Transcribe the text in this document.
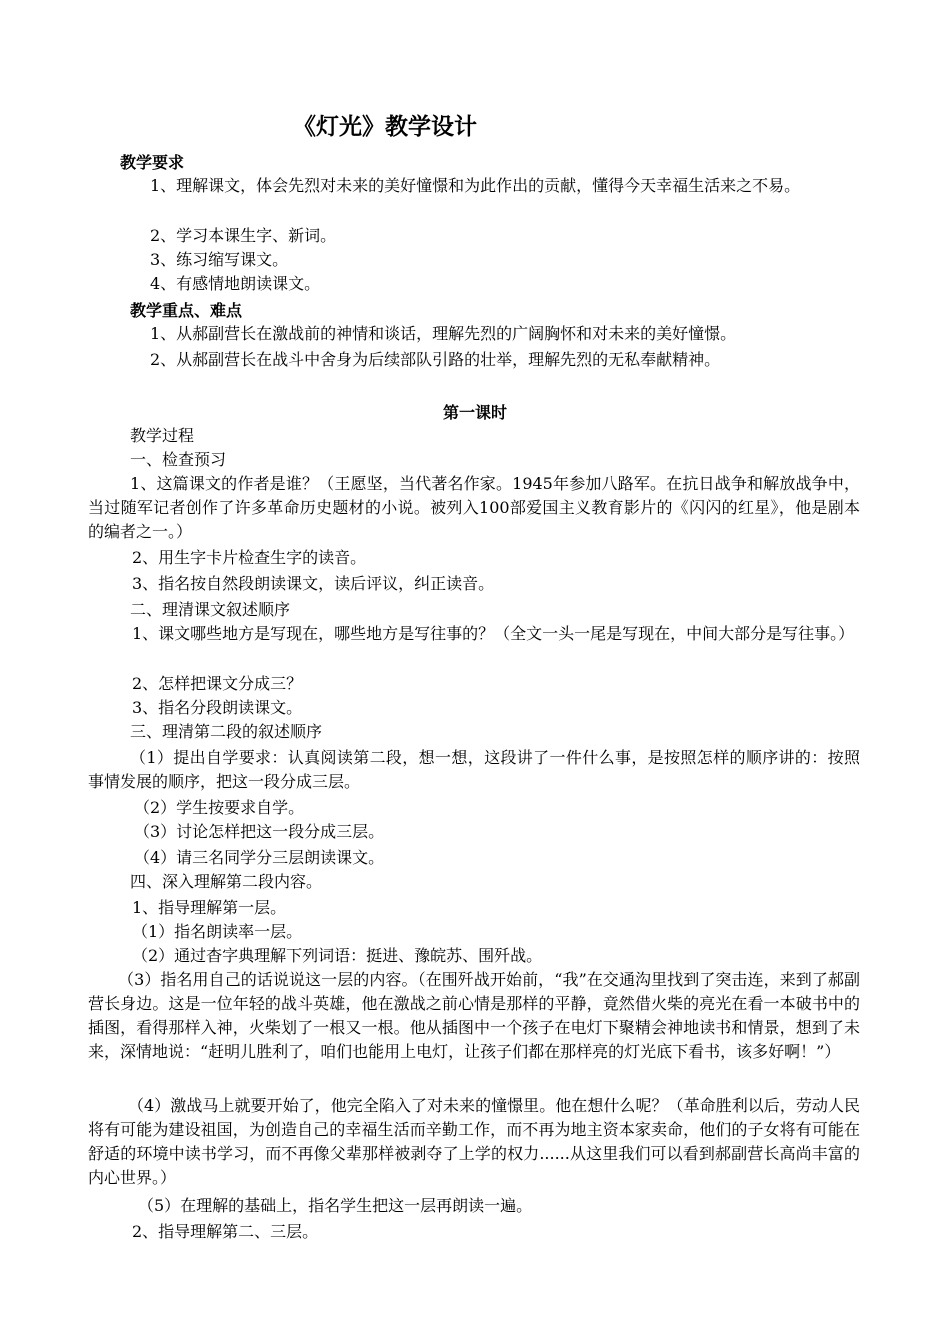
《灯光》教学设计
教学要求
1、理解课文，体会先烈对未来的美好憧憬和为此作出的贡献，懂得今天幸福生活来之不易。
2、学习本课生字、新词。
3、练习缩写课文。
4、有感情地朗读课文。
教学重点、难点
1、从郝副营长在激战前的神情和谈话，理解先烈的广阔胸怀和对未来的美好憧憬。
2、从郝副营长在战斗中舍身为后续部队引路的壮举，理解先烈的无私奉献精神。
第一课时
教学过程
一、检查预习
1、这篇课文的作者是谁？（王愿坚，当代著名作家。1945年参加八路军。在抗日战争和解放战争中，当过随军记者创作了许多革命历史题材的小说。被列入100部爱国主义教育影片的《闪闪的红星》，他是剧本的编者之一。）
2、用生字卡片检查生字的读音。
3、指名按自然段朗读课文，读后评议，纠正读音。
二、理清课文叙述顺序
1、课文哪些地方是写现在，哪些地方是写往事的？（全文一头一尾是写现在，中间大部分是写往事。）
2、怎样把课文分成三？
3、指名分段朗读课文。
三、理清第二段的叙述顺序
（1）提出自学要求：认真阅读第二段，想一想，这段讲了一件什么事，是按照怎样的顺序讲的：按照事情发展的顺序，把这一段分成三层。
（2）学生按要求自学。
（3）讨论怎样把这一段分成三层。
（4）请三名同学分三层朗读课文。
四、深入理解第二段内容。
1、指导理解第一层。
（1）指名朗读率一层。
（2）通过杳字典理解下列词语：挺进、豫皖苏、围歼战。
（3）指名用自己的话说说这一层的内容。（在围歼战开始前，“我”在交通沟里找到了突击连，来到了郝副营长身边。这是一位年轻的战斗英雄，他在激战之前心情是那样的平静，竟然借火柴的亮光在看一本破书中的插图，看得那样入神，火柴划了一根又一根。他从插图中一个孩子在电灯下聚精会神地读书和情景，想到了未来，深情地说：“赶明儿胜利了，咱们也能用上电灯，让孩子们都在那样亮的灯光底下看书，该多好啊！”）
（4）激战马上就要开始了，他完全陷入了对未来的憧憬里。他在想什么呢？（革命胜利以后，劳动人民将有可能为建设祖国，为创造自己的幸福生活而辛勤工作，而不再为地主资本家卖命，他们的子女将有可能在舒适的环境中读书学习，而不再像父辈那样被剥夺了上学的权力......从这里我们可以看到郝副营长高尚丰富的内心世界。）
（5）在理解的基础上，指名学生把这一层再朗读一遍。
2、指导理解第二、三层。
